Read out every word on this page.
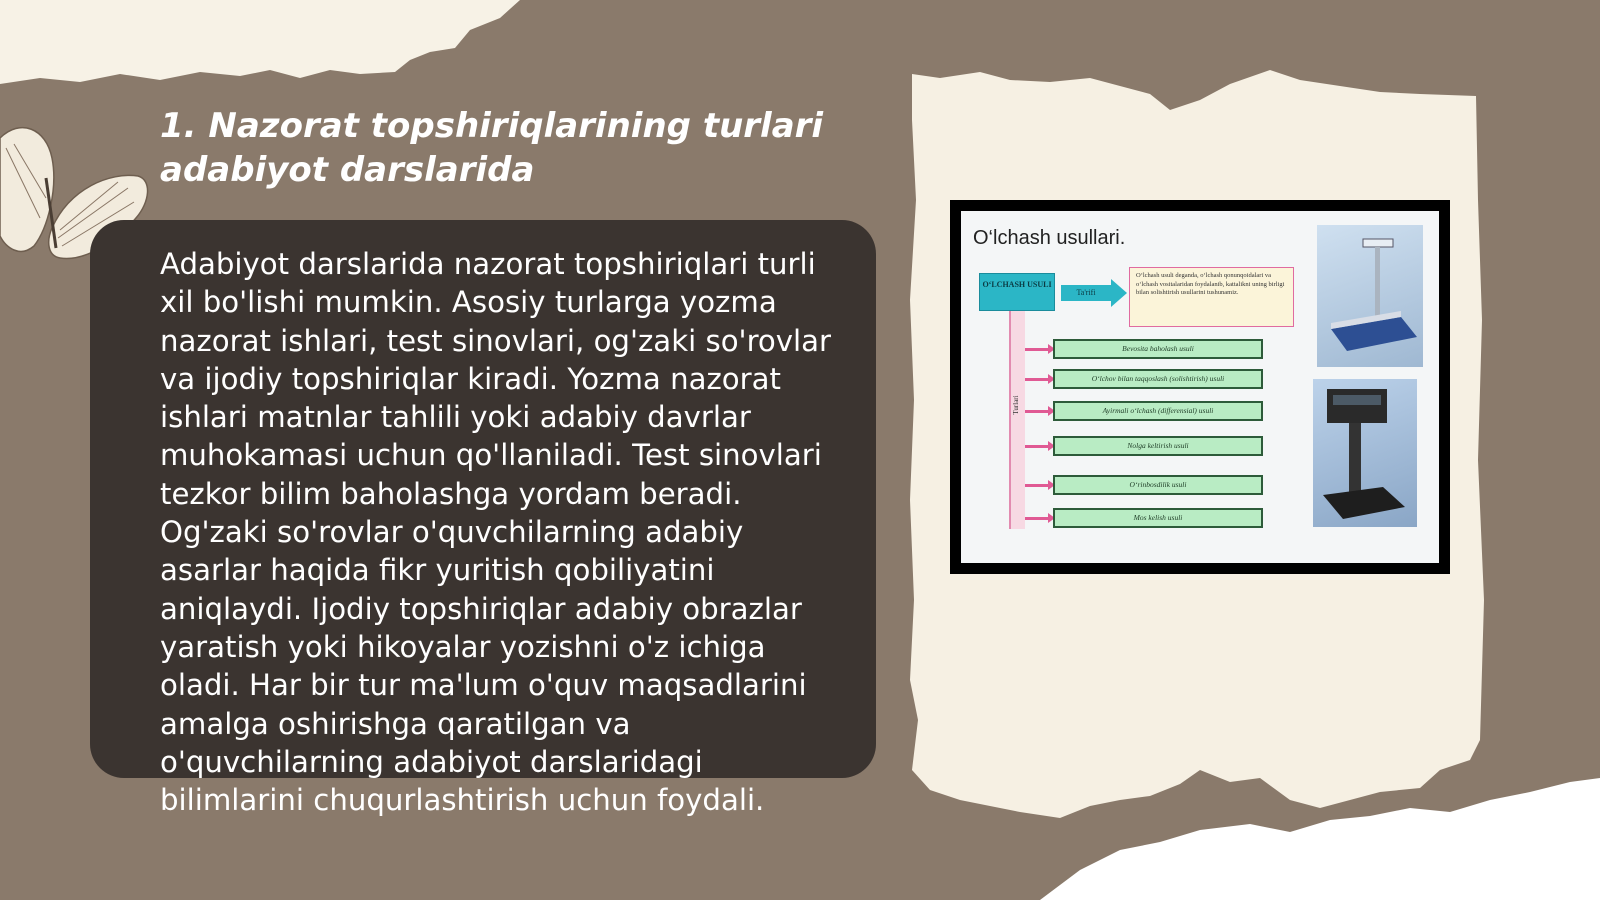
1. Nazorat topshiriqlarining turlari adabiyot darslarida
Adabiyot darslarida nazorat topshiriqlari turli xil bo'lishi mumkin. Asosiy turlarga yozma nazorat ishlari, test sinovlari, og'zaki so'rovlar va ijodiy topshiriqlar kiradi. Yozma nazorat ishlari matnlar tahlili yoki adabiy davrlar muhokamasi uchun qo'llaniladi. Test sinovlari tezkor bilim baholashga yordam beradi. Og'zaki so'rovlar o'quvchilarning adabiy asarlar haqida fikr yuritish qobiliyatini aniqlaydi. Ijodiy topshiriqlar adabiy obrazlar yaratish yoki hikoyalar yozishni o'z ichiga oladi. Har bir tur ma'lum o'quv maqsadlarini amalga oshirishga qaratilgan va o'quvchilarning adabiyot darslaridagi bilimlarini chuqurlashtirish uchun foydali.
O‘lchash usullari.
O‘LCHASH USULI
Ta'rifi
O‘lchash usuli deganda, o‘lchash qonunqoidalari va o‘lchash vositalaridan foydalanib, kattalikni uning birligi bilan solishtirish usullarini tushunamiz.
Turlari
Bevosita baholash usuli
O‘lchov bilan taqqoslash (solishtirish) usuli
Ayirmali o‘lchash (differensial) usuli
Nolga keltirish usuli
O‘rinbosdilik usuli
Mos kelish usuli
